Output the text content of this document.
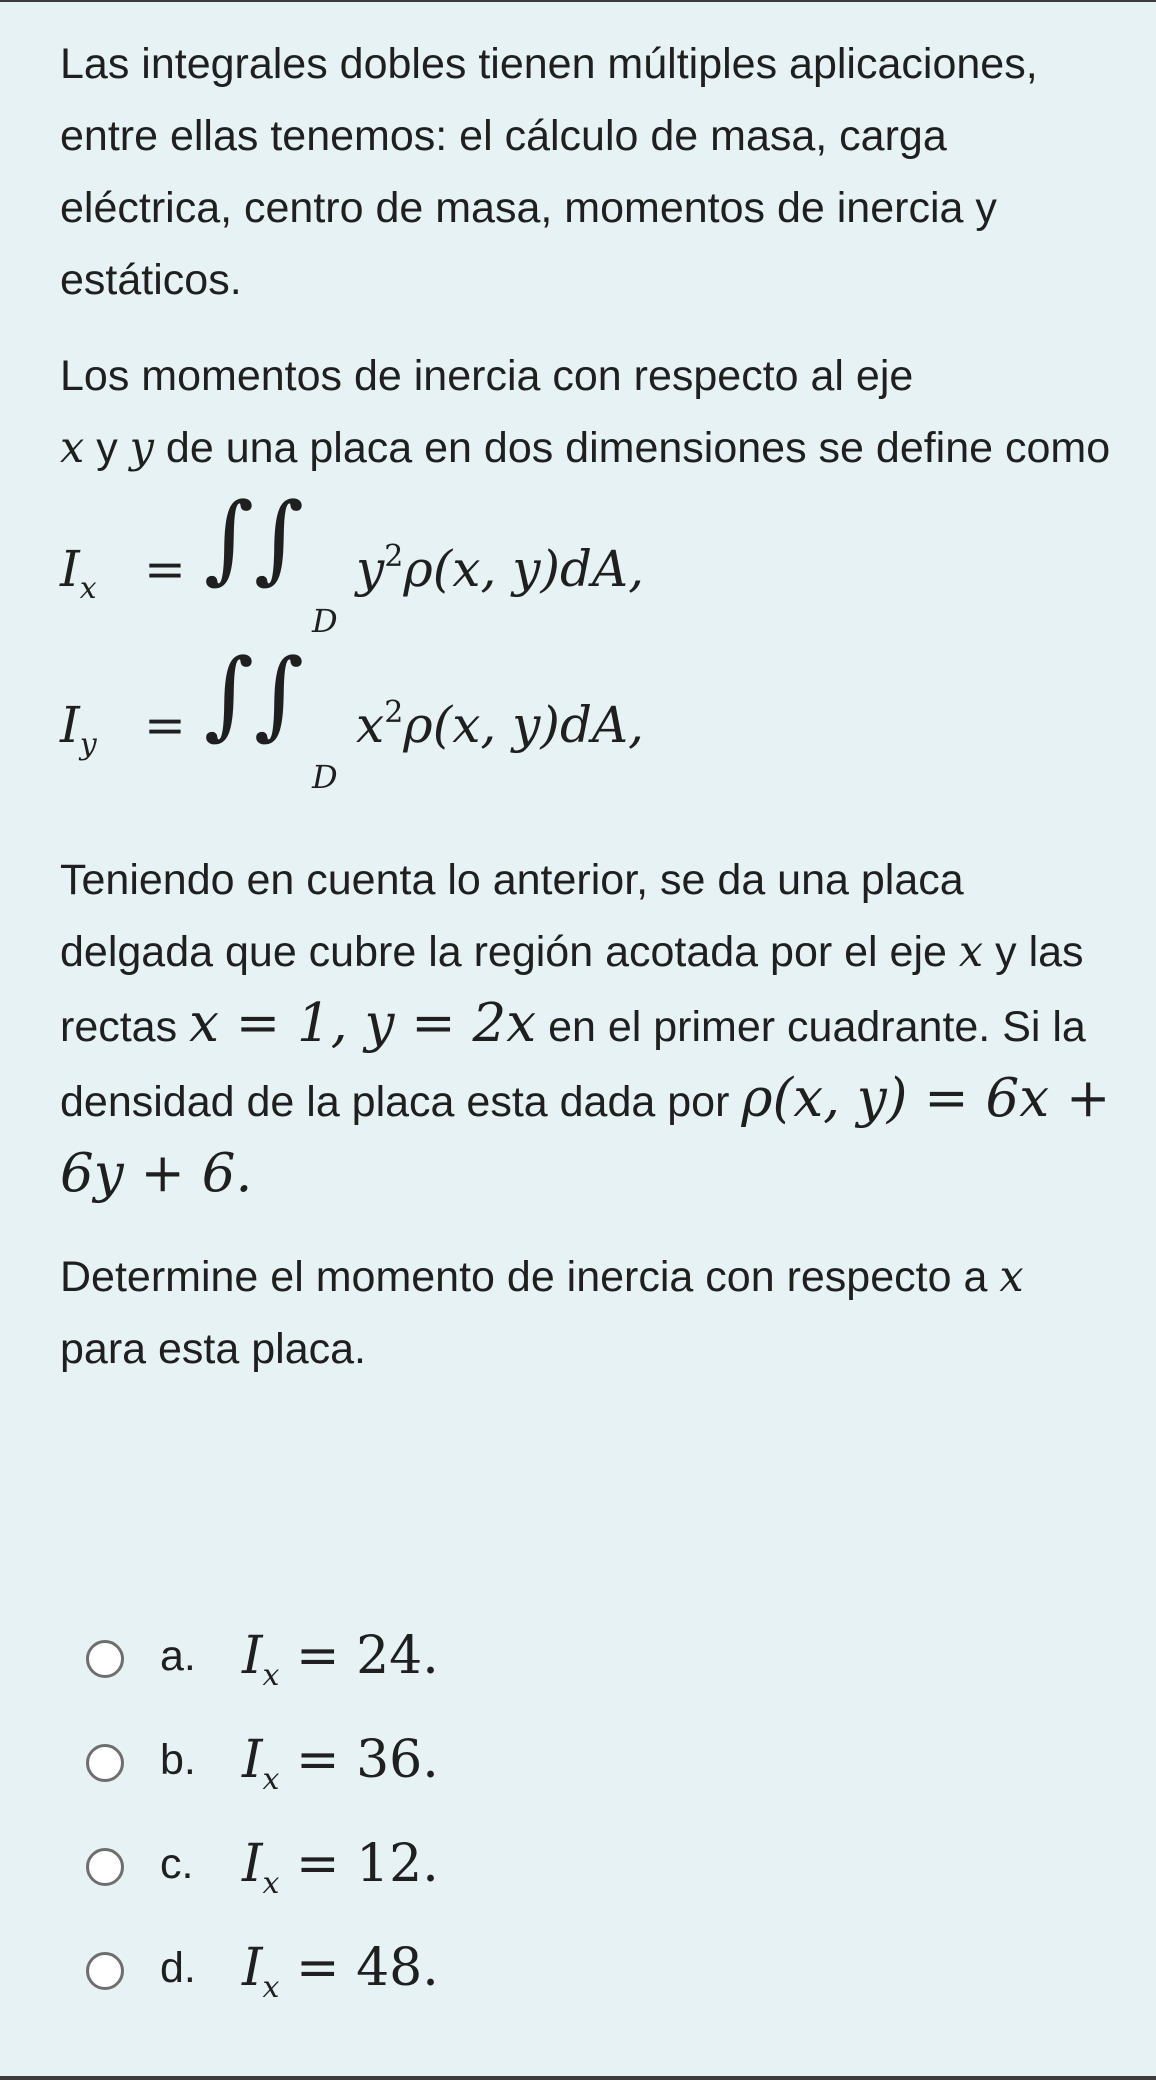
Las integrales dobles tienen múltiples aplicaciones, entre ellas tenemos: el cálculo de masa, carga eléctrica, centro de masa, momentos de inercia y estáticos.

Los momentos de inercia con respecto al eje
x y y de una placa en dos dimensiones se define como

$I_x$ = ∫∫
D
$y^2\rho(x$, y)dA,
$I_y$ = ∫∫
D
$x^2\rho(x$, y)dA,

Teniendo en cuenta lo anterior, se da una placa delgada que cubre la región acotada por el eje x y las rectas x = 1, y = 2x en el primer cuadrante. Si la densidad de la placa esta dada por ρ(x, y) = 6x + 6y + 6.

Determine el momento de inercia con respecto a x para esta placa.

a. $I_x = 24$.
b. $I_x = 36$.
c. $I_x = 12$.
d. $I_x = 48$.
